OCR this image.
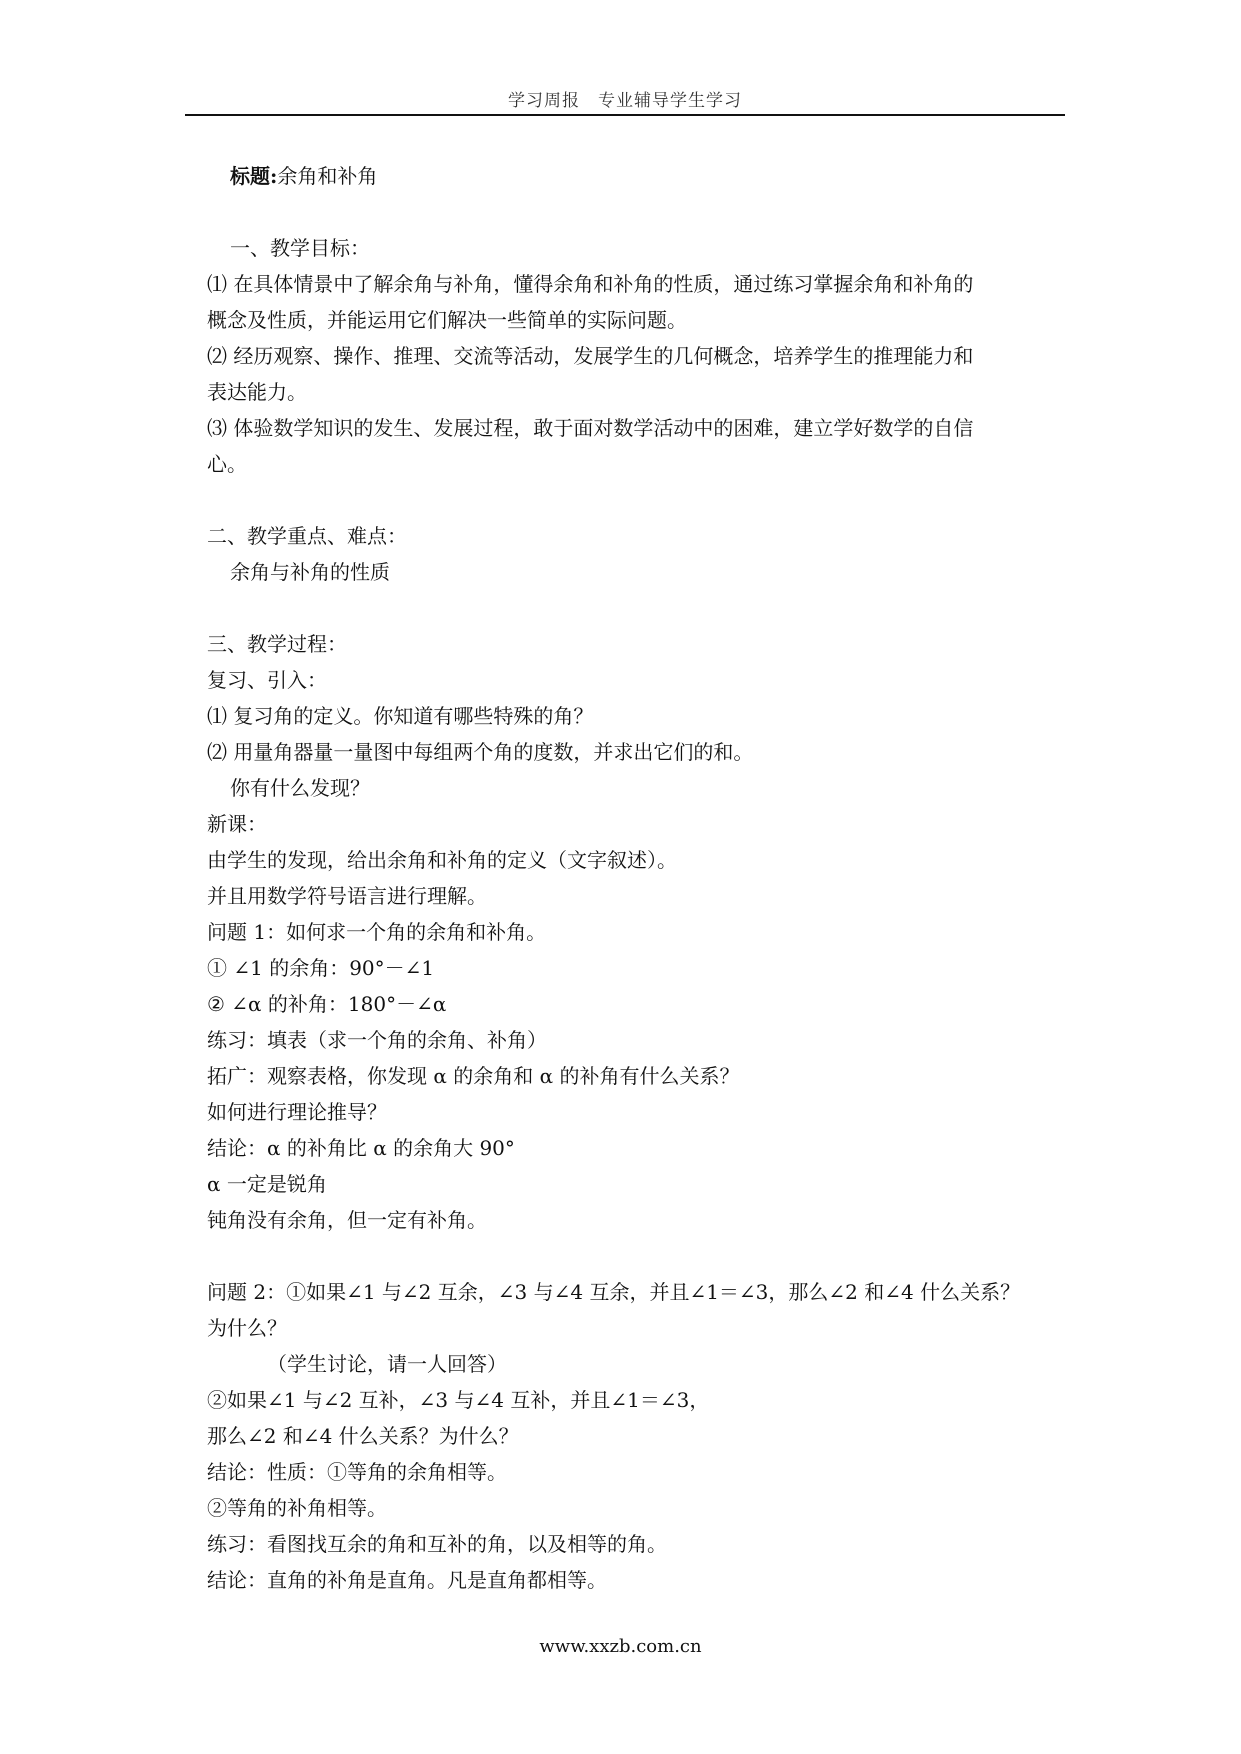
学习周报 专业辅导学生学习
标题:余角和补角
一、教学目标：
⑴ 在具体情景中了解余角与补角，懂得余角和补角的性质，通过练习掌握余角和补角的
概念及性质，并能运用它们解决一些简单的实际问题。
⑵ 经历观察、操作、推理、交流等活动，发展学生的几何概念，培养学生的推理能力和
表达能力。
⑶ 体验数学知识的发生、发展过程，敢于面对数学活动中的困难，建立学好数学的自信
心。
二、教学重点、难点：
余角与补角的性质
三、教学过程：
复习、引入：
⑴ 复习角的定义。你知道有哪些特殊的角？
⑵ 用量角器量一量图中每组两个角的度数，并求出它们的和。
你有什么发现？
新课：
由学生的发现，给出余角和补角的定义（文字叙述）。
并且用数学符号语言进行理解。
问题 1：如何求一个角的余角和补角。
① ∠1 的余角：90°－∠1
② ∠α 的补角：180°－∠α
练习：填表（求一个角的余角、补角）
拓广：观察表格，你发现 α 的余角和 α 的补角有什么关系？
如何进行理论推导？
结论：α 的补角比 α 的余角大 90°
α 一定是锐角
钝角没有余角，但一定有补角。
问题 2：①如果∠1 与∠2 互余，∠3 与∠4 互余，并且∠1＝∠3，那么∠2 和∠4 什么关系？
为什么？
（学生讨论，请一人回答）
②如果∠1 与∠2 互补，∠3 与∠4 互补，并且∠1＝∠3，
那么∠2 和∠4 什么关系？为什么？
结论：性质：①等角的余角相等。
②等角的补角相等。
练习：看图找互余的角和互补的角，以及相等的角。
结论：直角的补角是直角。凡是直角都相等。
www.xxzb.com.cn
